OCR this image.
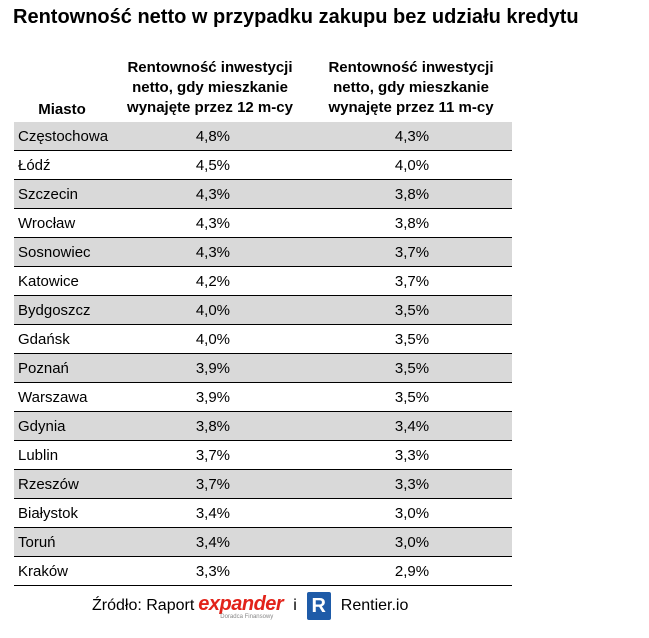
Rentowność netto w przypadku zakupu bez udziału kredytu
Miasto
Rentowność inwestycji
netto, gdy mieszkanie
wynajęte przez 12 m-cy
Rentowność inwestycji
netto, gdy mieszkanie
wynajęte przez 11 m-cy
Częstochowa	4,8%	4,3%
Łódź	4,5%	4,0%
Szczecin	4,3%	3,8%
Wrocław	4,3%	3,8%
Sosnowiec	4,3%	3,7%
Katowice	4,2%	3,7%
Bydgoszcz	4,0%	3,5%
Gdańsk	4,0%	3,5%
Poznań	3,9%	3,5%
Warszawa	3,9%	3,5%
Gdynia	3,8%	3,4%
Lublin	3,7%	3,3%
Rzeszów	3,7%	3,3%
Białystok	3,4%	3,0%
Toruń	3,4%	3,0%
Kraków	3,3%	2,9%
Źródło: Raport expander
Doradca Finansowy
i R Rentier.io
